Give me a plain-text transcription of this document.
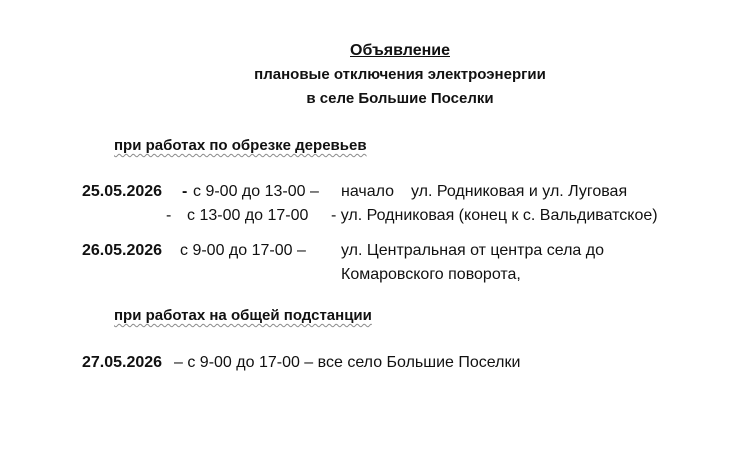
Объявление
плановые отключения электроэнергии
в селе Большие Поселки
при работах по обрезке деревьев
25.05.2026 - с 9-00 до 13-00 – начало ул. Родниковая и ул. Луговая
- с 13-00 до 17-00 - ул. Родниковая (конец к с. Вальдиватское)
26.05.2026 с 9-00 до 17-00 – ул. Центральная от центра села до
Комаровского поворота,
при работах на общей подстанции
27.05.2026 – с 9-00 до 17-00 – все село Большие Поселки
